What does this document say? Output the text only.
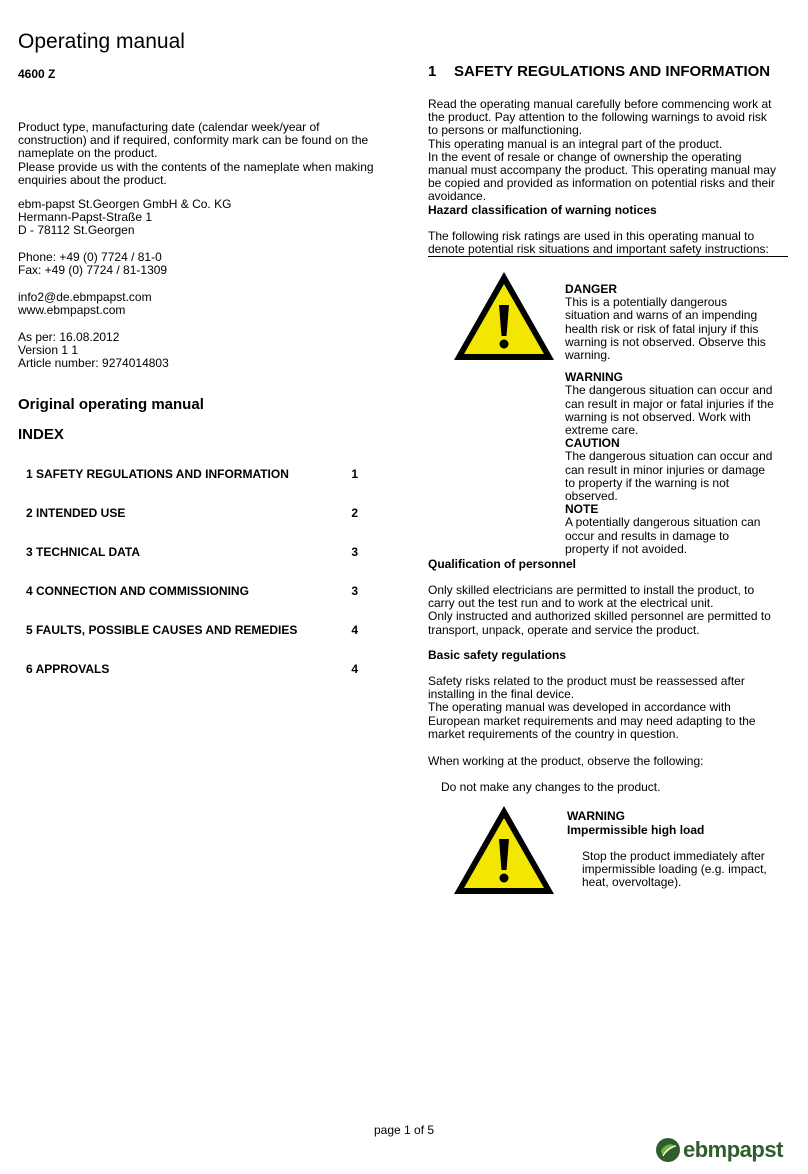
Operating manual
4600 Z

Product type, manufacturing date (calendar week/year of construction) and if required, conformity mark can be found on the nameplate on the product.

Please provide us with the contents of the nameplate when making enquiries about the product.

ebm-papst St.Georgen GmbH & Co. KG

Hermann-Papst-Straße 1

D - 78112 St.Georgen

Phone: +49 (0) 7724 / 81-0

Fax: +49 (0) 7724 / 81-1309

info2@de.ebmpapst.com

www.ebmpapst.com

As per: 16.08.2012

Version 1 1

Article number: 9274014803

Original operating manual
INDEX
1 SAFETY REGULATIONS AND INFORMATION	1
2 INTENDED USE	2
3 TECHNICAL DATA	3
4 CONNECTION AND COMMISSIONING	3
5 FAULTS, POSSIBLE CAUSES AND REMEDIES	4
6 APPROVALS	4
1 SAFETY REGULATIONS AND INFORMATION

Read the operating manual carefully before commencing work at the product. Pay attention to the following warnings to avoid risk to persons or malfunctioning.

This operating manual is an integral part of the product.

In the event of resale or change of ownership the operating manual must accompany the product. This operating manual may be copied and provided as information on potential risks and their avoidance.

Hazard classification of warning notices
The following risk ratings are used in this operating manual to denote potential risk situations and important safety instructions:

DANGER

This is a potentially dangerous situation and warns of an impending health risk or risk of fatal injury if this warning is not observed. Observe this warning.

WARNING

The dangerous situation can occur and can result in major or fatal injuries if the warning is not observed. Work with extreme care.

CAUTION

The dangerous situation can occur and can result in minor injuries or damage to property if the warning is not observed.

NOTE

A potentially dangerous situation can occur and results in damage to property if not avoided.

Qualification of personnel

Only skilled electricians are permitted to install the product, to carry out the test run and to work at the electrical unit.

Only instructed and authorized skilled personnel are permitted to transport, unpack, operate and service the product.

Basic safety regulations

Safety risks related to the product must be reassessed after installing in the final device.

The operating manual was developed in accordance with European market requirements and may need adapting to the market requirements of the country in question.

When working at the product, observe the following:
Do not make any changes to the product.
WARNING
Impermissible high load
Stop the product immediately after impermissible loading (e.g. impact, heat, overvoltage).
page 1 of 5
ebmpapst
